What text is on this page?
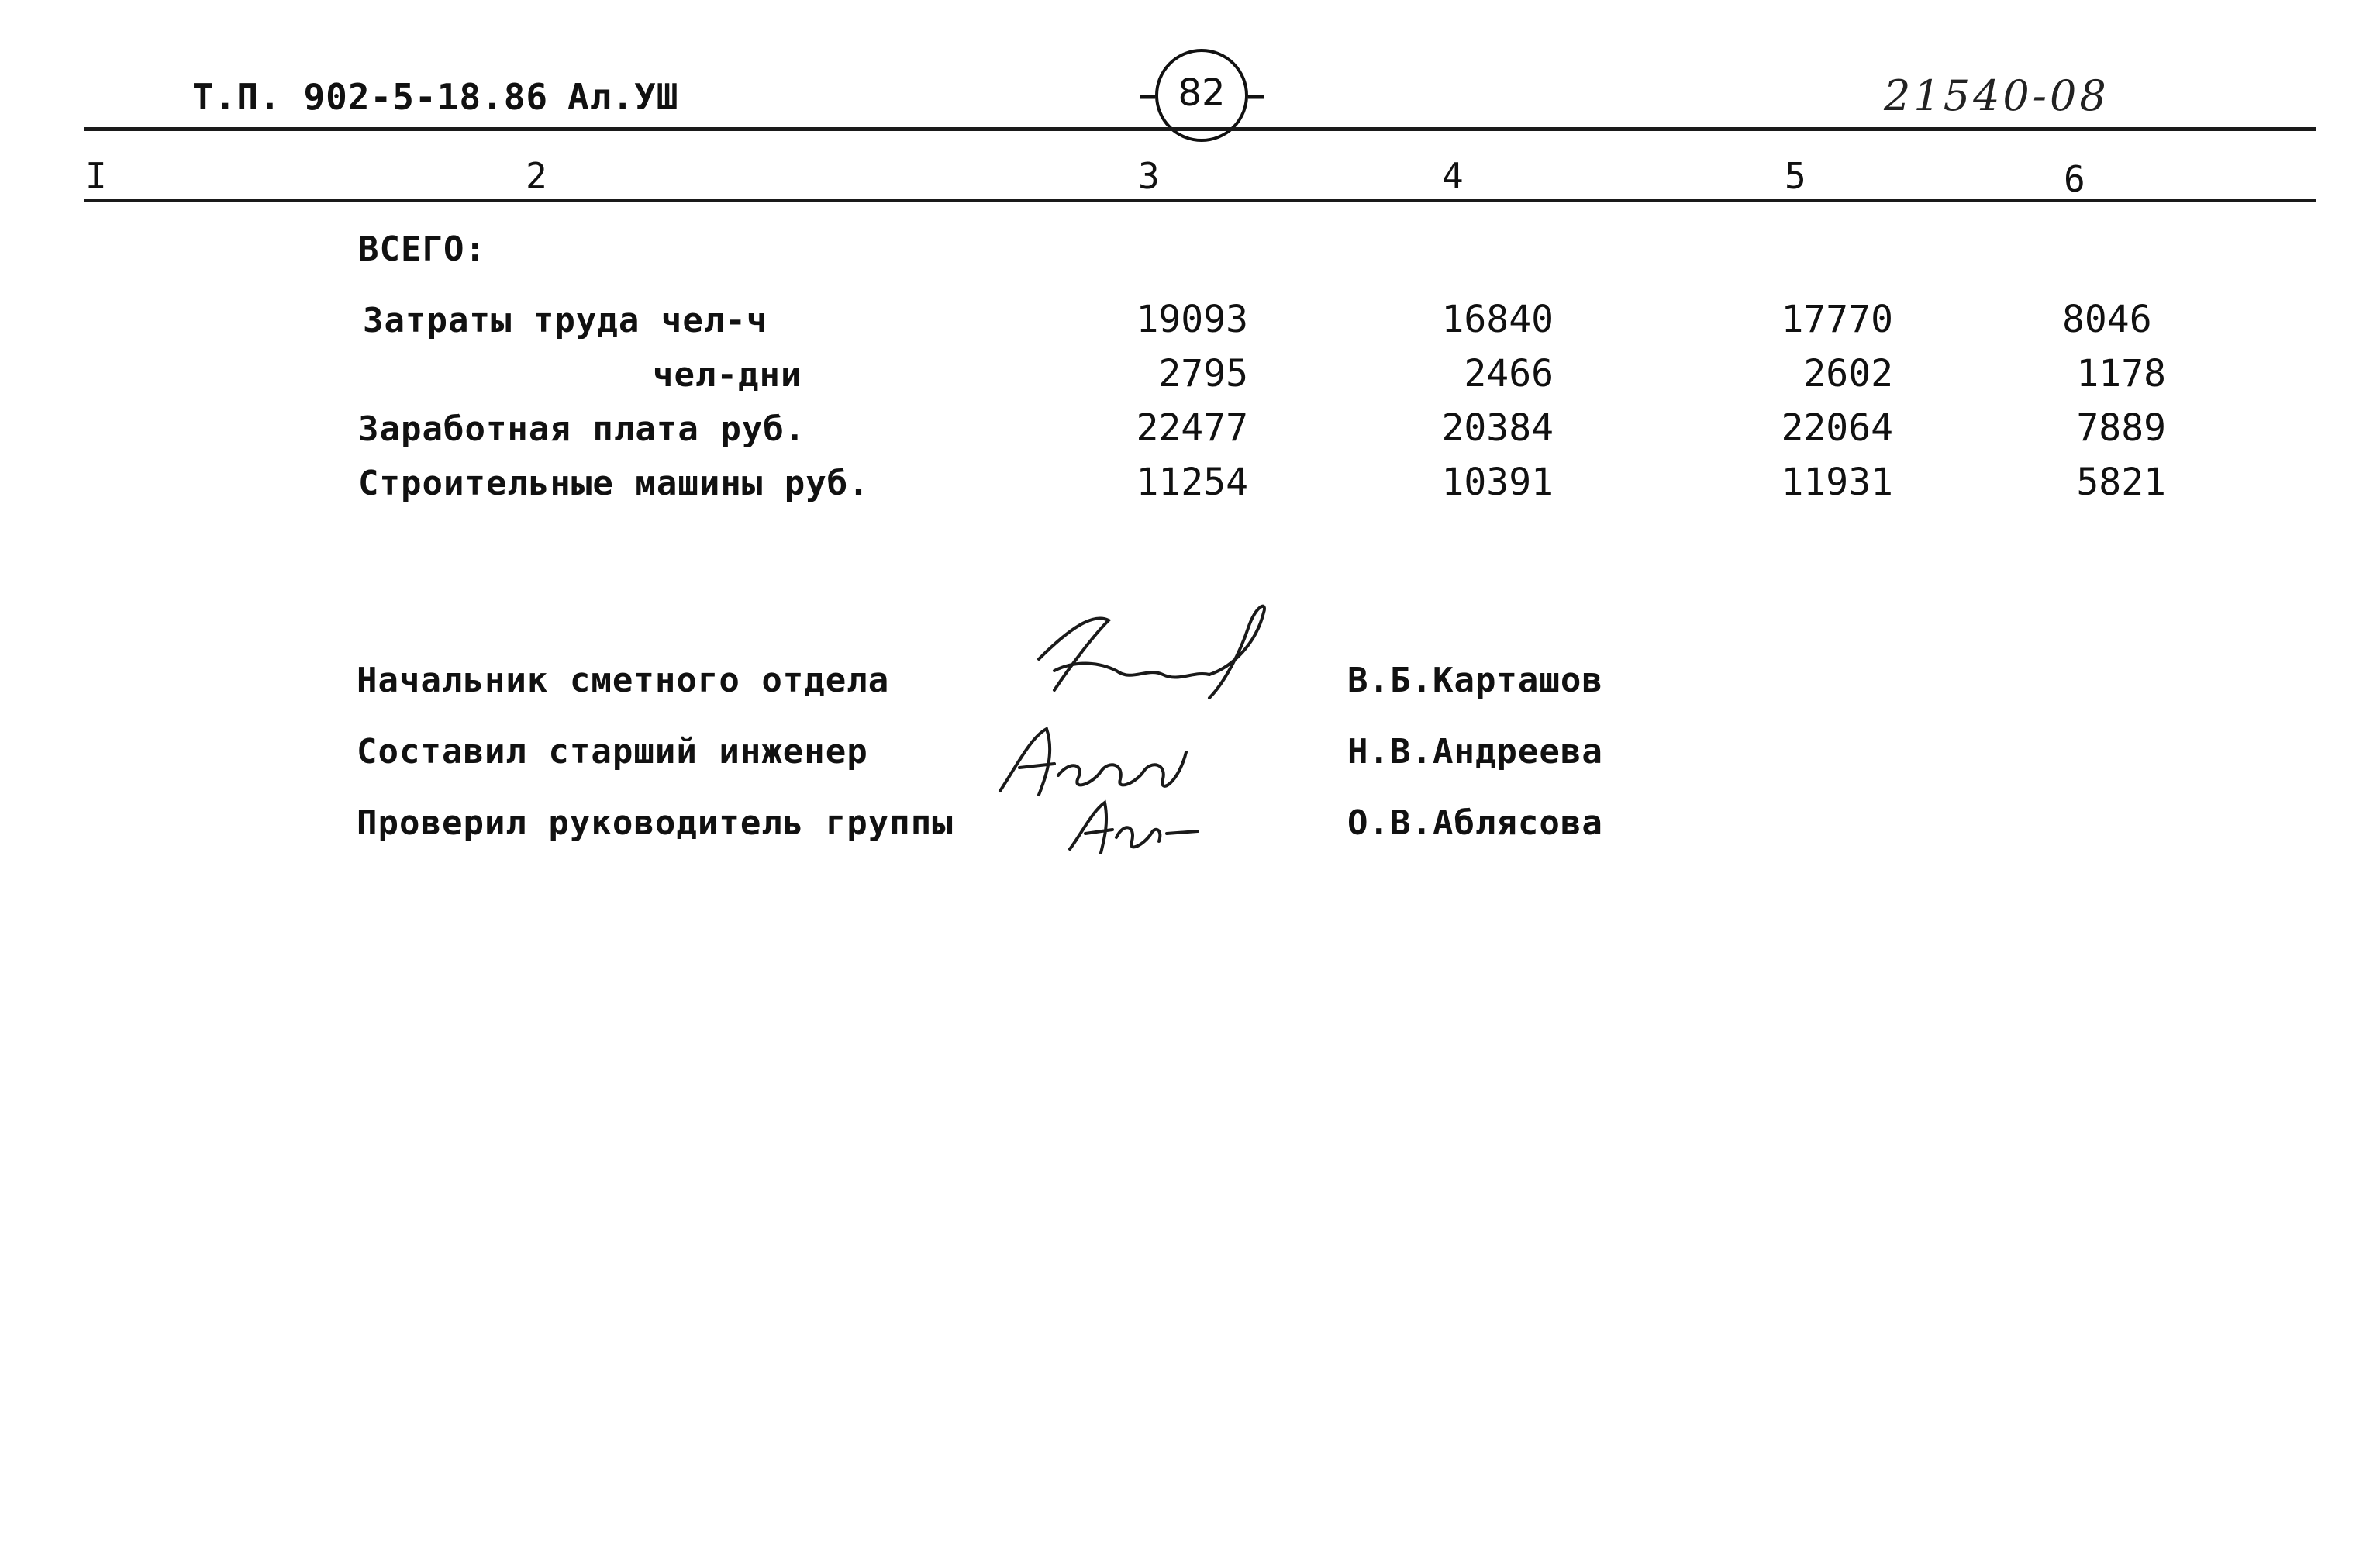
Т.П. 902-5-18.86 Ал.УШ	82	21540-08
I	2	3	4	5	6
ВСЕГО:
Затраты труда чел-ч	19093	16840	17770	8046
чел-дни	2795	2466	2602	1178
Заработная плата руб.	22477	20384	22064	7889
Строительные машины руб.	11254	10391	11931	5821
Начальник сметного отдела	В.Б.Карташов
Составил старший инженер	Н.В.Андреева
Проверил руководитель группы	О.В.Аблясова
